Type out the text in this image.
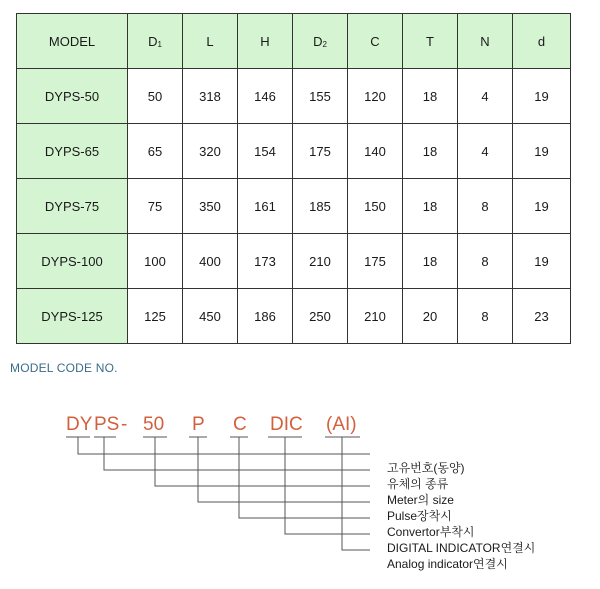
MODEL	$D_1$	L	H	$D_2$	C	T	N	d
DYPS-50	50	318	146	155	120	18	4	19
DYPS-65	65	320	154	175	140	18	4	19
DYPS-75	75	350	161	185	150	18	8	19
DYPS-100	100	400	173	210	175	18	8	19
DYPS-125	125	450	186	250	210	20	8	23
MODEL CODE NO.
DY PS - 50 P C DIC (AI)
고유번호(동양)
유체의 종류
Meter의 size
Pulse장착시
Convertor부착시
DIGITAL INDICATOR연결시
Analog indicator연결시
